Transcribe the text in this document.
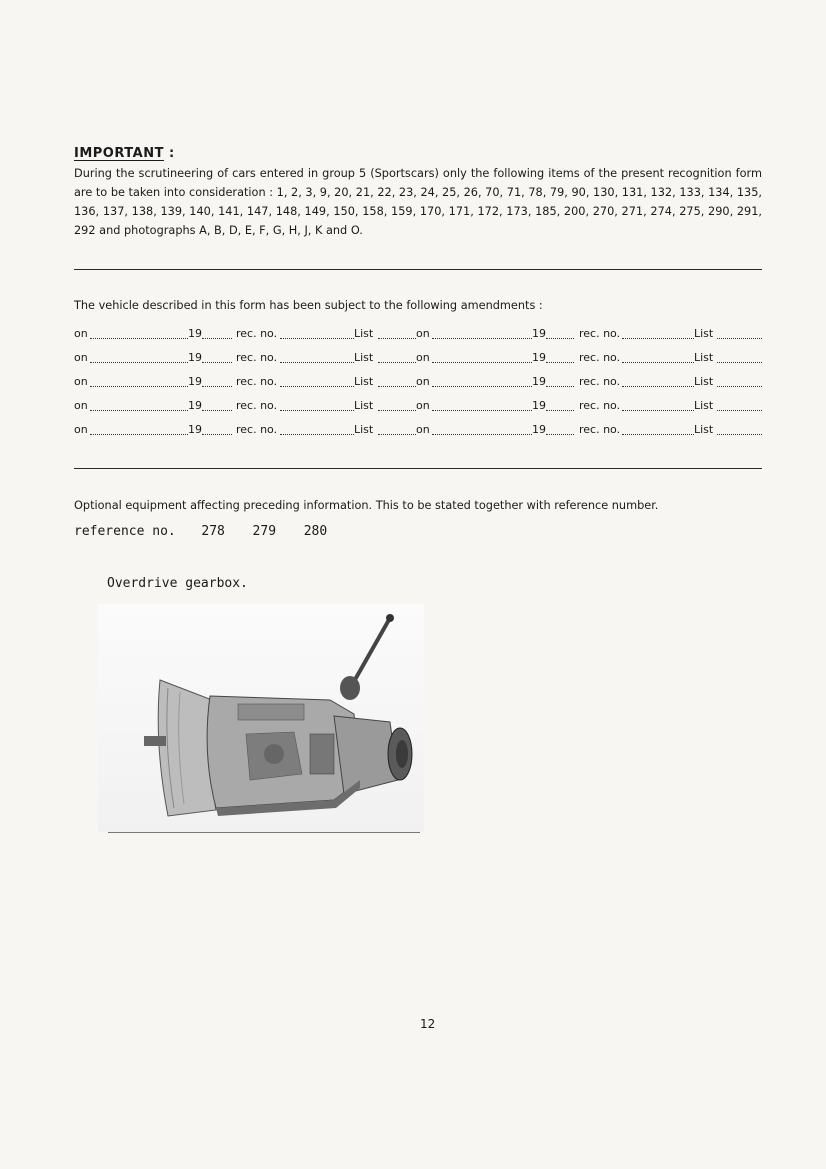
IMPORTANT :
During the scrutineering of cars entered in group 5 (Sportscars) only the following items of the present recognition form are to be taken into consideration : 1, 2, 3, 9, 20, 21, 22, 23, 24, 25, 26, 70, 71, 78, 79, 90, 130, 131, 132, 133, 134, 135, 136, 137, 138, 139, 140, 141, 147, 148, 149, 150, 158, 159, 170, 171, 172, 173, 185, 200, 270, 271, 274, 275, 290, 291, 292 and photographs A, B, D, E, F, G, H, J, K and O.
The vehicle described in this form has been subject to the following amendments :
on	19	rec. no.	List	on	19	rec. no.	List
on	19	rec. no.	List	on	19	rec. no.	List
on	19	rec. no.	List	on	19	rec. no.	List
on	19	rec. no.	List	on	19	rec. no.	List
on	19	rec. no.	List	on	19	rec. no.	List
Optional equipment affecting preceding information. This to be stated together with reference number.
reference no. 278 279 280
Overdrive gearbox.
12
